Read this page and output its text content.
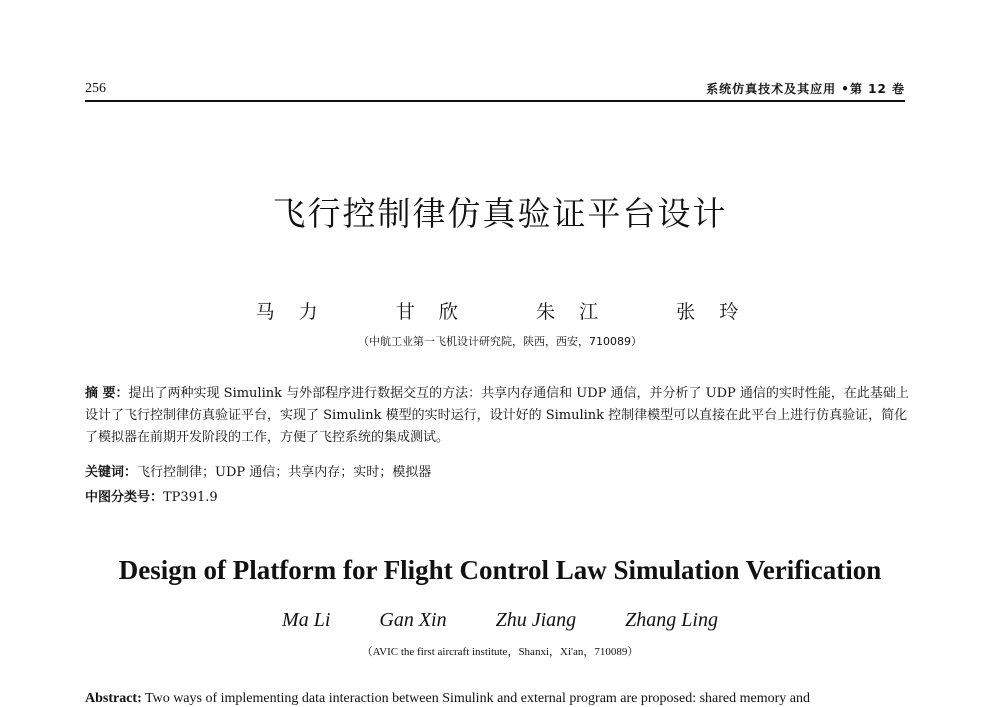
256	系统仿真技术及其应用 •第 12 卷
飞行控制律仿真验证平台设计
马 力	甘 欣	朱 江	张 玲
（中航工业第一飞机设计研究院，陕西，西安，710089）
摘 要：提出了两种实现 Simulink 与外部程序进行数据交互的方法：共享内存通信和 UDP 通信，并分析了 UDP 通信的实时性能，在此基础上设计了飞行控制律仿真验证平台，实现了 Simulink 模型的实时运行，设计好的 Simulink 控制律模型可以直接在此平台上进行仿真验证，简化了模拟器在前期开发阶段的工作，方便了飞控系统的集成测试。
关键词：飞行控制律；UDP 通信；共享内存；实时；模拟器
中图分类号：TP391.9
Design of Platform for Flight Control Law Simulation Verification
Ma Li Gan Xin Zhu Jiang Zhang Ling
（AVIC the first aircraft institute，Shanxi，Xi'an，710089）
Abstract: Two ways of implementing data interaction between Simulink and external program are proposed: shared memory and
